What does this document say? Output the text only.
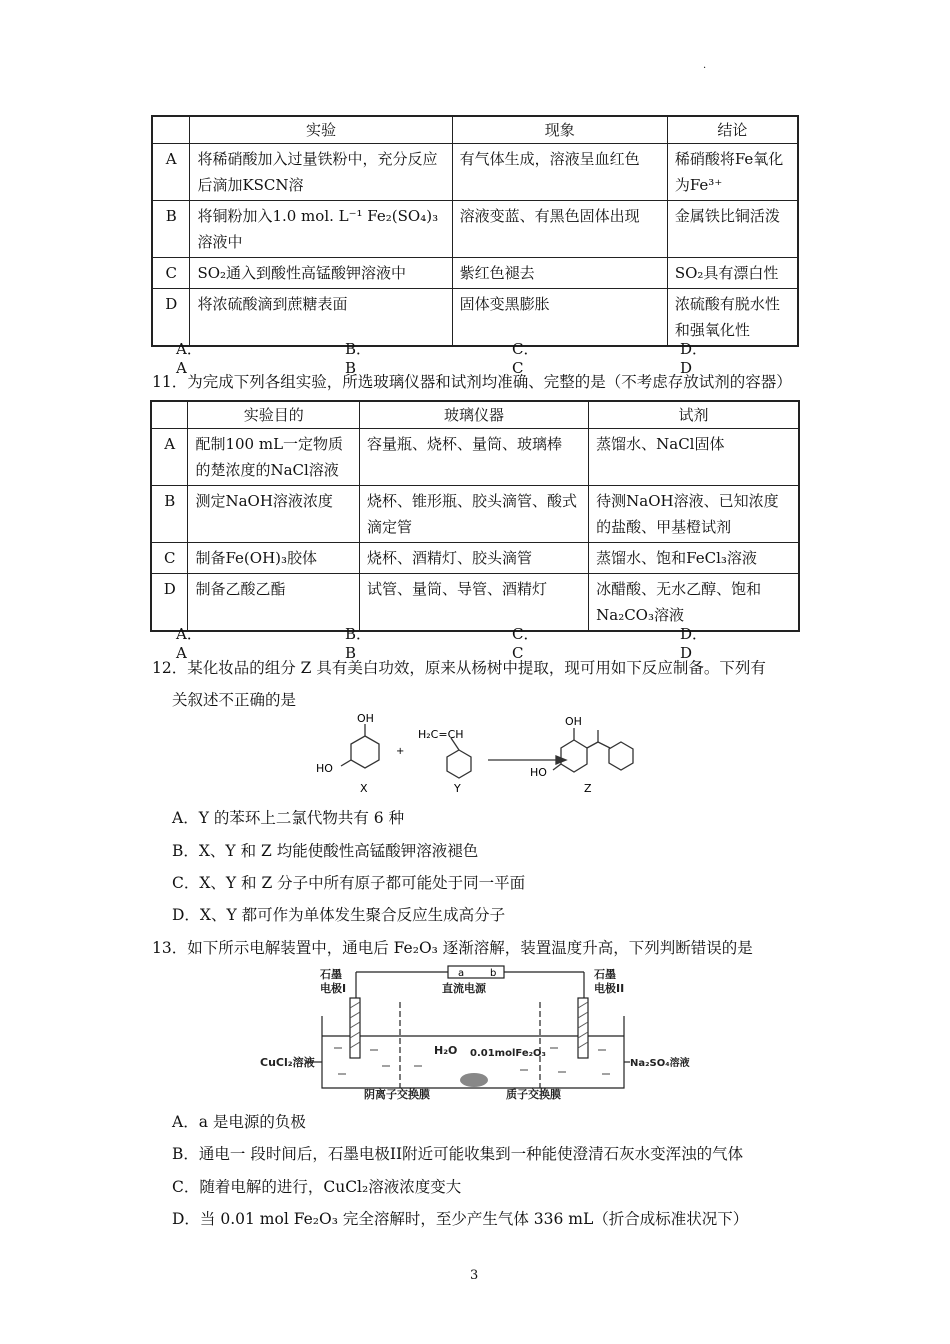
.
	实验	现象	结论
A	将稀硝酸加入过量铁粉中，充分反应后滴加KSCN溶	有气体生成，溶液呈血红色	稀硝酸将Fe氧化为Fe³⁺
B	将铜粉加入1.0 mol. L⁻¹ Fe₂(SO₄)₃溶液中	溶液变蓝、有黑色固体出现	金属铁比铜活泼
C	SO₂通入到酸性高锰酸钾溶液中	紫红色褪去	SO₂具有漂白性
D	将浓硫酸滴到蔗糖表面	固体变黑膨胀	浓硫酸有脱水性和强氧化性
A．A
B．B
C．C
D．D
11．为完成下列各组实验，所选玻璃仪器和试剂均准确、完整的是（不考虑存放试剂的容器）
	实验目的	玻璃仪器	试剂
A	配制100 mL一定物质的楚浓度的NaCl溶液	容量瓶、烧杯、量筒、玻璃棒	蒸馏水、NaCl固体
B	测定NaOH溶液浓度	烧杯、锥形瓶、胶头滴管、酸式滴定管	待测NaOH溶液、已知浓度的盐酸、甲基橙试剂
C	制备Fe(OH)₃胶体	烧杯、酒精灯、胶头滴管	蒸馏水、饱和FeCl₃溶液
D	制备乙酸乙酯	试管、量筒、导管、酒精灯	冰醋酸、无水乙醇、饱和Na₂CO₃溶液
A．A
B．B
C．　C
D．D
12．某化妆品的组分 Z 具有美白功效，原来从杨树中提取，现可用如下反应制备。下列有
关叙述不正确的是
OH
HO
X
+
H₂C=CH
Y
OH
HO
Z
A．Y 的苯环上二氯代物共有 6 种
B．X、Y 和 Z 均能使酸性高锰酸钾溶液褪色
C．X、Y 和 Z 分子中所有原子都可能处于同一平面
D．X、Y 都可作为单体发生聚合反应生成高分子
13．如下所示电解装置中，通电后 Fe₂O₃ 逐渐溶解，装置温度升高，下列判断错误的是
石墨
电极I
石墨
电极II
直流电源
H₂O 0.01molFe₂O₃
CuCl₂溶液	Na₂SO₄溶液
阴离子交换膜	质子交换膜
a	b
A．a 是电源的负极
B．通电一 段时间后，石墨电极II附近可能收集到一种能使澄清石灰水变浑浊的气体
C．随着电解的进行，CuCl₂溶液浓度变大
D．当 0.01 mol Fe₂O₃ 完全溶解时，至少产生气体 336 mL（折合成标准状况下）
3
